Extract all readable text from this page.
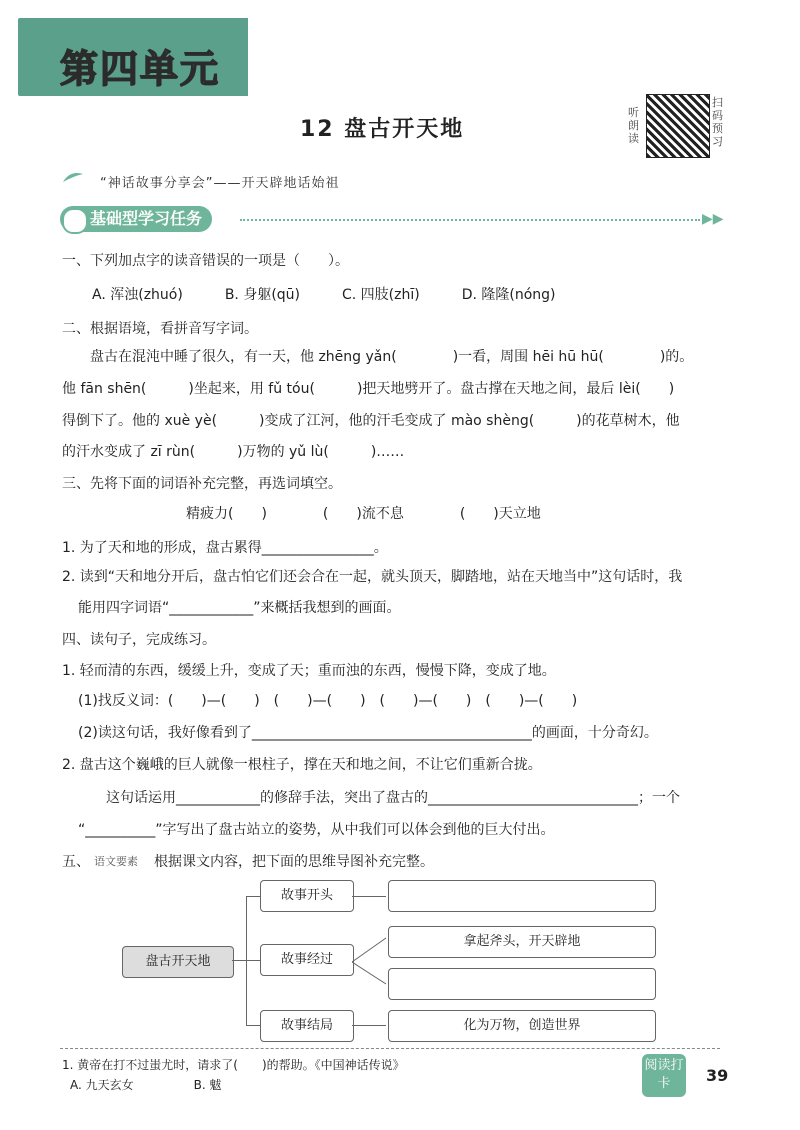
第四单元
12 盘古开天地
听朗读
扫码预习
“神话故事分享会”——开天辟地话始祖
基础型学习任务	▶▶
一、下列加点字的读音错误的一项是（　　）。
A. 浑浊(zhuó)　　　B. 身躯(qū)　　　C. 四肢(zhī)　　　D. 隆隆(nóng)
二、根据语境，看拼音写字词。
　　盘古在混沌中睡了很久，有一天，他 zhēng yǎn(　　　　)一看，周围 hēi hū hū(　　　　)的。
他 fān shēn(　　　)坐起来，用 fǔ tóu(　　　)把天地劈开了。盘古撑在天地之间，最后 lèi(　　)
得倒下了。他的 xuè yè(　　　)变成了江河，他的汗毛变成了 mào shèng(　　　)的花草树木，他
的汗水变成了 zī rùn(　　　)万物的 yǔ lù(　　　)……
三、先将下面的词语补充完整，再选词填空。
精疲力(　　)　　　　(　　)流不息　　　　(　　)天立地
1. 为了天和地的形成，盘古累得________________。
2. 读到“天和地分开后，盘古怕它们还会合在一起，就头顶天，脚踏地，站在天地当中”这句话时，我
能用四字词语“____________”来概括我想到的画面。
四、读句子，完成练习。
1. 轻而清的东西，缓缓上升，变成了天；重而浊的东西，慢慢下降，变成了地。
(1)找反义词：(　　)—(　　)　(　　)—(　　)　(　　)—(　　)　(　　)—(　　)
(2)读这句话，我好像看到了________________________________________的画面，十分奇幻。
2. 盘古这个巍峨的巨人就像一根柱子，撑在天和地之间，不让它们重新合拢。
这句话运用____________的修辞手法，突出了盘古的______________________________；一个
“__________”字写出了盘古站立的姿势，从中我们可以体会到他的巨大付出。
五、 语文要素 根据课文内容，把下面的思维导图补充完整。
盘古开天地
故事开头
故事经过
故事结局
拿起斧头，开天辟地
化为万物，创造世界
1. 黄帝在打不过蚩尤时，请求了(　　)的帮助。《中国神话传说》
A. 九天玄女　　　　　B. 魃
阅读打卡	39
